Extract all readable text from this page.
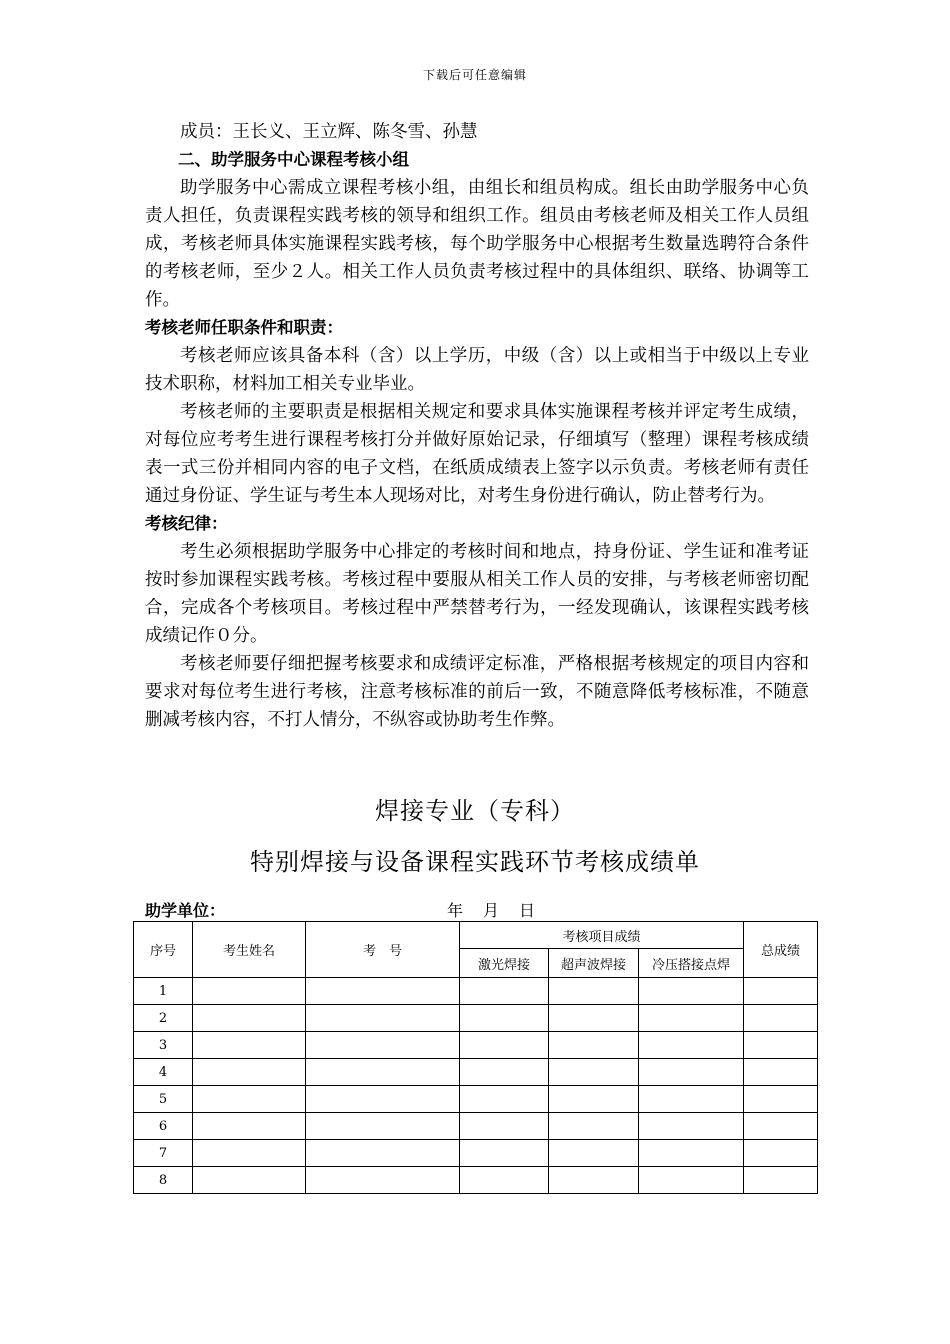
下载后可任意编辑

成员：王长义、王立辉、陈冬雪、孙慧

二、助学服务中心课程考核小组

助学服务中心需成立课程考核小组，由组长和组员构成。组长由助学服务中心负责人担任，负责课程实践考核的领导和组织工作。组员由考核老师及相关工作人员组成，考核老师具体实施课程实践考核，每个助学服务中心根据考生数量选聘符合条件的考核老师，至少２人。相关工作人员负责考核过程中的具体组织、联络、协调等工作。

考核老师任职条件和职责：

考核老师应该具备本科（含）以上学历，中级（含）以上或相当于中级以上专业技术职称，材料加工相关专业毕业。

考核老师的主要职责是根据相关规定和要求具体实施课程考核并评定考生成绩，对每位应考考生进行课程考核打分并做好原始记录，仔细填写（整理）课程考核成绩表一式三份并相同内容的电子文档，在纸质成绩表上签字以示负责。考核老师有责任通过身份证、学生证与考生本人现场对比，对考生身份进行确认，防止替考行为。

考核纪律：

考生必须根据助学服务中心排定的考核时间和地点，持身份证、学生证和准考证按时参加课程实践考核。考核过程中要服从相关工作人员的安排，与考核老师密切配合，完成各个考核项目。考核过程中严禁替考行为，一经发现确认，该课程实践考核成绩记作０分。

考核老师要仔细把握考核要求和成绩评定标准，严格根据考核规定的项目内容和要求对每位考生进行考核，注意考核标准的前后一致，不随意降低考核标准，不随意删减考核内容，不打人情分，不纵容或协助考生作弊。

焊接专业（专科）
特别焊接与设备课程实践环节考核成绩单
助学单位：	年　月　日
序号	考生姓名	考　号	考核项目成绩			总成绩
			激光焊接	超声波焊接	冷压搭接点焊	
1						
2						
3						
4						
5						
6						
7						
8						
